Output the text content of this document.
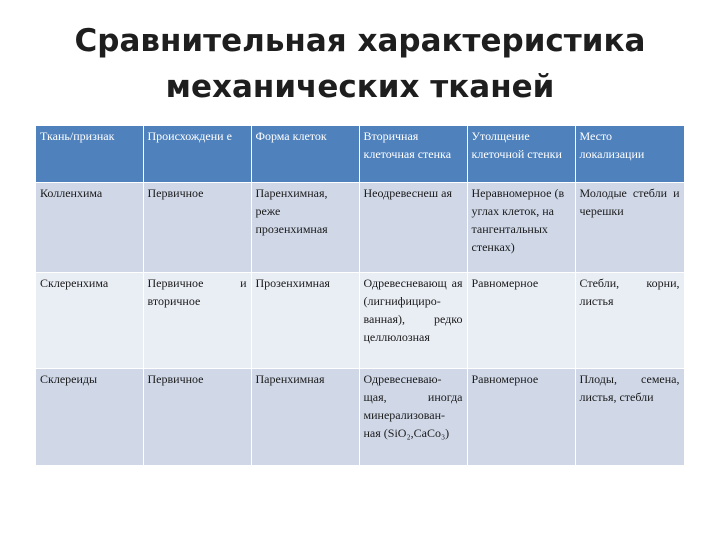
Сравнительная характеристика
механических тканей
Ткань/признак	Происхождени е	Форма клеток	Вторичная клеточная стенка	Утолщение клеточной стенки	Место локализации
Колленхима	Первичное	Паренхимная, реже прозенхимная	Неодревеснеш ая	Неравномерное (в углах клеток, на тангентальных стенках)	Молодые стебли и черешки
Склеренхима	Первичное и вторичное	Прозенхимная	Одревесневающ ая (лигнифициро- ванная), редко целлюлозная	Равномерное	Стебли, корни, листья
Склереиды	Первичное	Паренхимная	Одревесневаю- щая, иногда минерализован- ная (SiO₂,CaCo₃)	Равномерное	Плоды, семена, листья, стебли
